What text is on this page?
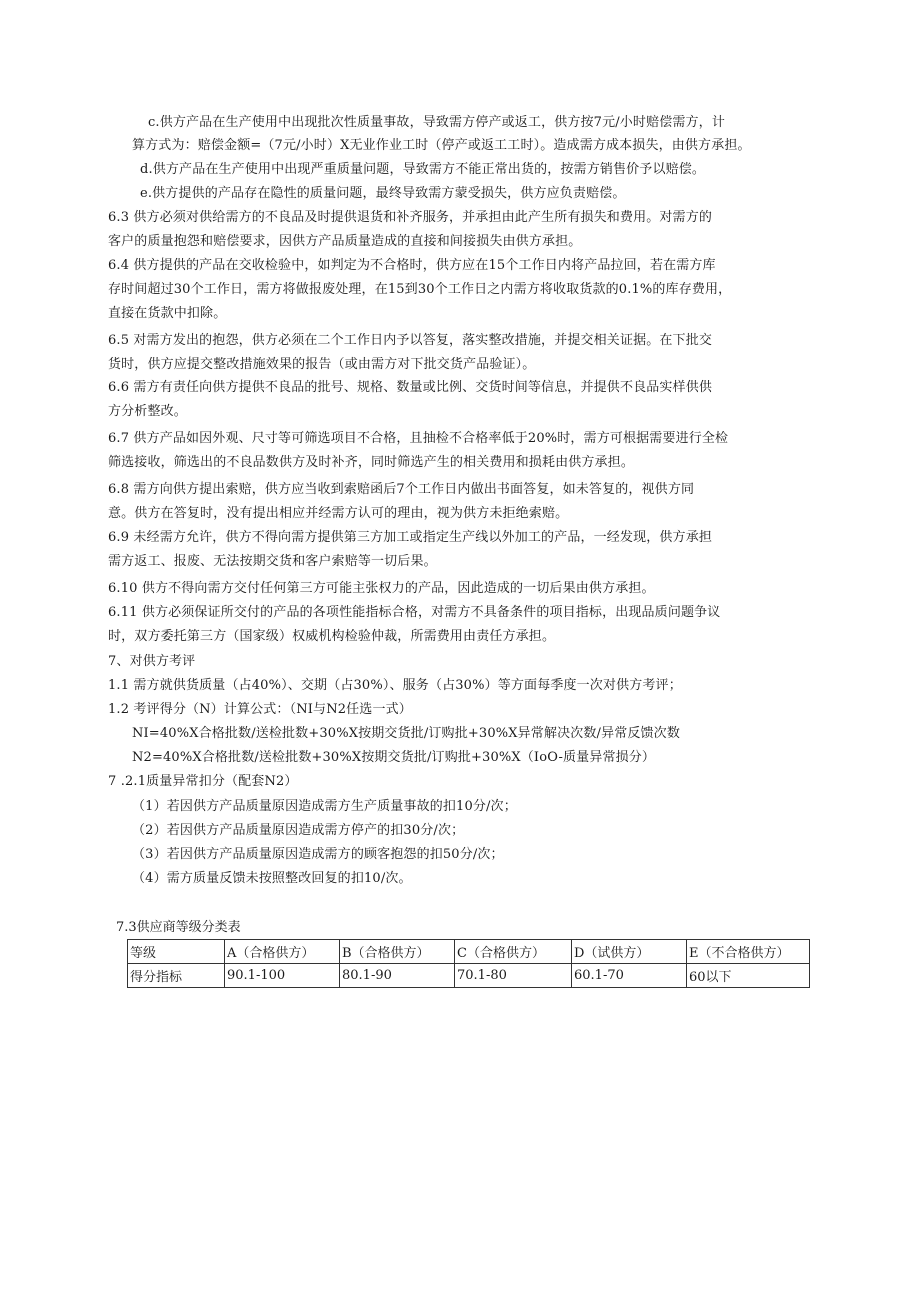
c.供方产品在生产使用中出现批次性质量事故，导致需方停产或返工，供方按7元/小时赔偿需方，计
算方式为：赔偿金额=（7元/小时）X无业作业工时（停产或返工工时）。造成需方成本损失，由供方承担。
d.供方产品在生产使用中出现严重质量问题，导致需方不能正常出货的，按需方销售价予以赔偿。
e.供方提供的产品存在隐性的质量问题，最终导致需方蒙受损失，供方应负责赔偿。
6.3 供方必须对供给需方的不良品及时提供退货和补齐服务，并承担由此产生所有损失和费用。对需方的
客户的质量抱怨和赔偿要求，因供方产品质量造成的直接和间接损失由供方承担。
6.4 供方提供的产品在交收检验中，如判定为不合格时，供方应在15个工作日内将产品拉回，若在需方库
存时间超过30个工作日，需方将做报废处理，在15到30个工作日之内需方将收取货款的0.1%的库存费用，
直接在货款中扣除。
6.5 对需方发出的抱怨，供方必须在二个工作日内予以答复，落实整改措施，并提交相关证据。在下批交
货时，供方应提交整改措施效果的报告（或由需方对下批交货产品验证）。
6.6 需方有责任向供方提供不良品的批号、规格、数量或比例、交货时间等信息，并提供不良品实样供供
方分析整改。
6.7 供方产品如因外观、尺寸等可筛选项目不合格，且抽检不合格率低于20%时，需方可根据需要进行全检
筛选接收，筛选出的不良品数供方及时补齐，同时筛选产生的相关费用和损耗由供方承担。
6.8 需方向供方提出索赔，供方应当收到索赔函后7个工作日内做出书面答复，如未答复的，视供方同
意。供方在答复时，没有提出相应并经需方认可的理由，视为供方未拒绝索赔。
6.9 未经需方允许，供方不得向需方提供第三方加工或指定生产线以外加工的产品，一经发现，供方承担
需方返工、报废、无法按期交货和客户索赔等一切后果。
6.10 供方不得向需方交付任何第三方可能主张权力的产品，因此造成的一切后果由供方承担。
6.11 供方必须保证所交付的产品的各项性能指标合格，对需方不具备条件的项目指标，出现品质问题争议
时，双方委托第三方（国家级）权威机构检验仲裁，所需费用由责任方承担。
7、对供方考评
1.1 需方就供货质量（占40%）、交期（占30%）、服务（占30%）等方面每季度一次对供方考评；
1.2 考评得分（N）计算公式：（NI与N2任选一式）
NI=40%X合格批数/送检批数+30%X按期交货批/订购批+30%X异常解决次数/异常反馈次数
N2=40%X合格批数/送检批数+30%X按期交货批/订购批+30%X（IoO-质量异常损分）
7 .2.1质量异常扣分（配套N2）
（1）若因供方产品质量原因造成需方生产质量事故的扣10分/次；
（2）若因供方产品质量原因造成需方停产的扣30分/次；
（3）若因供方产品质量原因造成需方的顾客抱怨的扣50分/次；
（4）需方质量反馈未按照整改回复的扣10/次。
7.3供应商等级分类表
等级	A（合格供方）	B（合格供方）	C（合格供方）	D（试供方）	E（不合格供方）
得分指标	90.1-100	80.1-90	70.1-80	60.1-70	60以下
